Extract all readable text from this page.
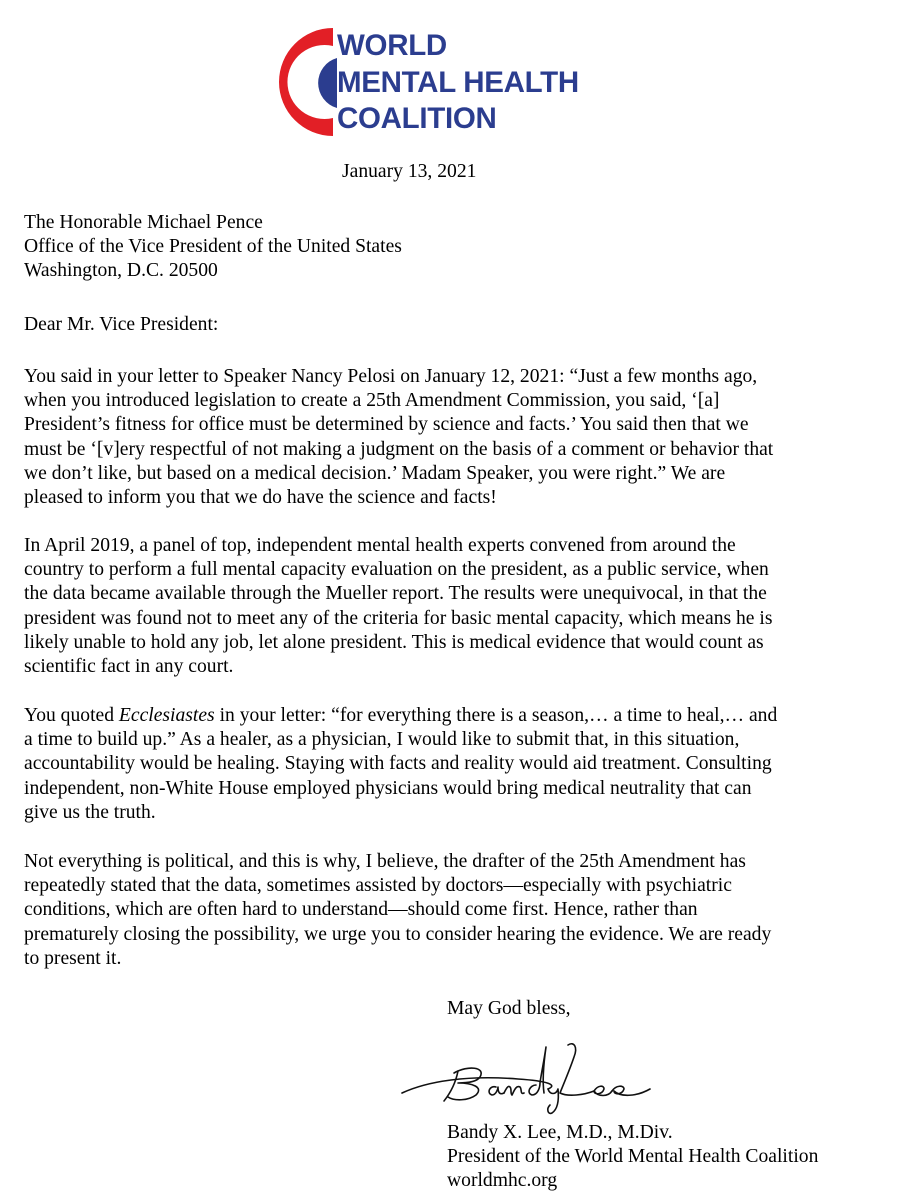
WORLD
MENTAL HEALTH
COALITION
January 13, 2021
The Honorable Michael Pence
Office of the Vice President of the United States
Washington, D.C. 20500
Dear Mr. Vice President:
You said in your letter to Speaker Nancy Pelosi on January 12, 2021: “Just a few months ago,
when you introduced legislation to create a 25th Amendment Commission, you said, ‘[a]
President’s fitness for office must be determined by science and facts.’ You said then that we
must be ‘[v]ery respectful of not making a judgment on the basis of a comment or behavior that
we don’t like, but based on a medical decision.’ Madam Speaker, you were right.” We are
pleased to inform you that we do have the science and facts!
In April 2019, a panel of top, independent mental health experts convened from around the
country to perform a full mental capacity evaluation on the president, as a public service, when
the data became available through the Mueller report. The results were unequivocal, in that the
president was found not to meet any of the criteria for basic mental capacity, which means he is
likely unable to hold any job, let alone president. This is medical evidence that would count as
scientific fact in any court.
You quoted Ecclesiastes in your letter: “for everything there is a season,… a time to heal,… and
a time to build up.” As a healer, as a physician, I would like to submit that, in this situation,
accountability would be healing. Staying with facts and reality would aid treatment. Consulting
independent, non-White House employed physicians would bring medical neutrality that can
give us the truth.
Not everything is political, and this is why, I believe, the drafter of the 25th Amendment has
repeatedly stated that the data, sometimes assisted by doctors—especially with psychiatric
conditions, which are often hard to understand—should come first. Hence, rather than
prematurely closing the possibility, we urge you to consider hearing the evidence. We are ready
to present it.
May God bless,
Bandy X. Lee, M.D., M.Div.
President of the World Mental Health Coalition
worldmhc.org
